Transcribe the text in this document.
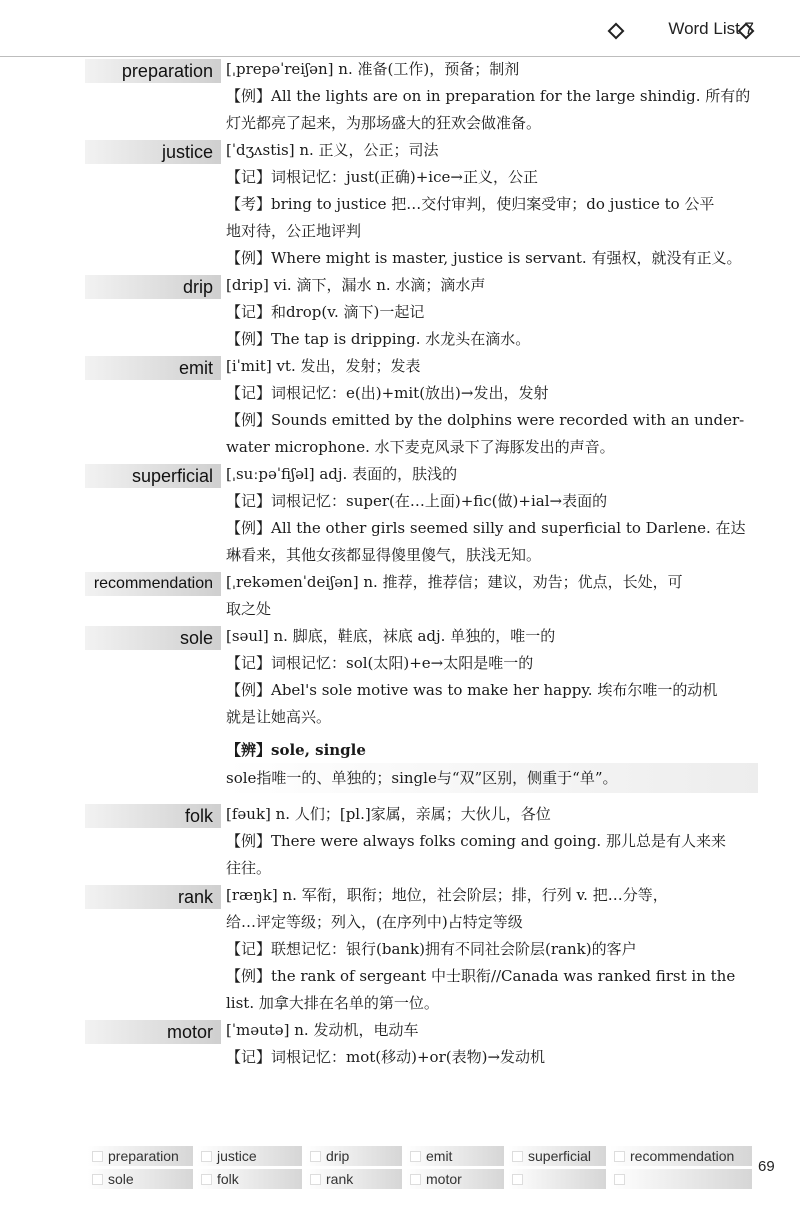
Word List 7
preparation [ˌprepəˈreiʃən] n. 准备(工作)，预备；制剂
【例】All the lights are on in preparation for the large shindig. 所有的
灯光都亮了起来，为那场盛大的狂欢会做准备。
justice [ˈdʒʌstis] n. 正义，公正；司法
【记】词根记忆：just(正确)+ice→正义，公正
【考】bring to justice 把…交付审判，使归案受审；do justice to 公平
地对待，公正地评判
【例】Where might is master, justice is servant. 有强权，就没有正义。
drip [drip] vi. 滴下，漏水 n. 水滴；滴水声
【记】和drop(v. 滴下)一起记
【例】The tap is dripping. 水龙头在滴水。
emit [iˈmit] vt. 发出，发射；发表
【记】词根记忆：e(出)+mit(放出)→发出，发射
【例】Sounds emitted by the dolphins were recorded with an under-
water microphone. 水下麦克风录下了海豚发出的声音。
superficial [ˌsuːpəˈfiʃəl] adj. 表面的，肤浅的
【记】词根记忆：super(在…上面)+fic(做)+ial→表面的
【例】All the other girls seemed silly and superficial to Darlene. 在达
琳看来，其他女孩都显得傻里傻气，肤浅无知。
recommendation [ˌrekəmenˈdeiʃən] n. 推荐，推荐信；建议，劝告；优点，长处，可
取之处
sole [səul] n. 脚底，鞋底，袜底 adj. 单独的，唯一的
【记】词根记忆：sol(太阳)+e→太阳是唯一的
【例】Abel's sole motive was to make her happy. 埃布尔唯一的动机
就是让她高兴。
【辨】sole, single
sole指唯一的、单独的；single与“双”区别，侧重于“单”。
folk [fəuk] n. 人们；[pl.]家属，亲属；大伙儿，各位
【例】There were always folks coming and going. 那儿总是有人来来
往往。
rank [ræŋk] n. 军衔，职衔；地位，社会阶层；排，行列 v. 把…分等，
给…评定等级；列入，(在序列中)占特定等级
【记】联想记忆：银行(bank)拥有不同社会阶层(rank)的客户
【例】the rank of sergeant 中士职衔//Canada was ranked first in the
list. 加拿大排在名单的第一位。
motor [ˈməutə] n. 发动机，电动车
【记】词根记忆：mot(移动)+or(表物)→发动机
preparation	justice	drip	emit	superficial	recommendation
sole	folk	rank	motor
69
